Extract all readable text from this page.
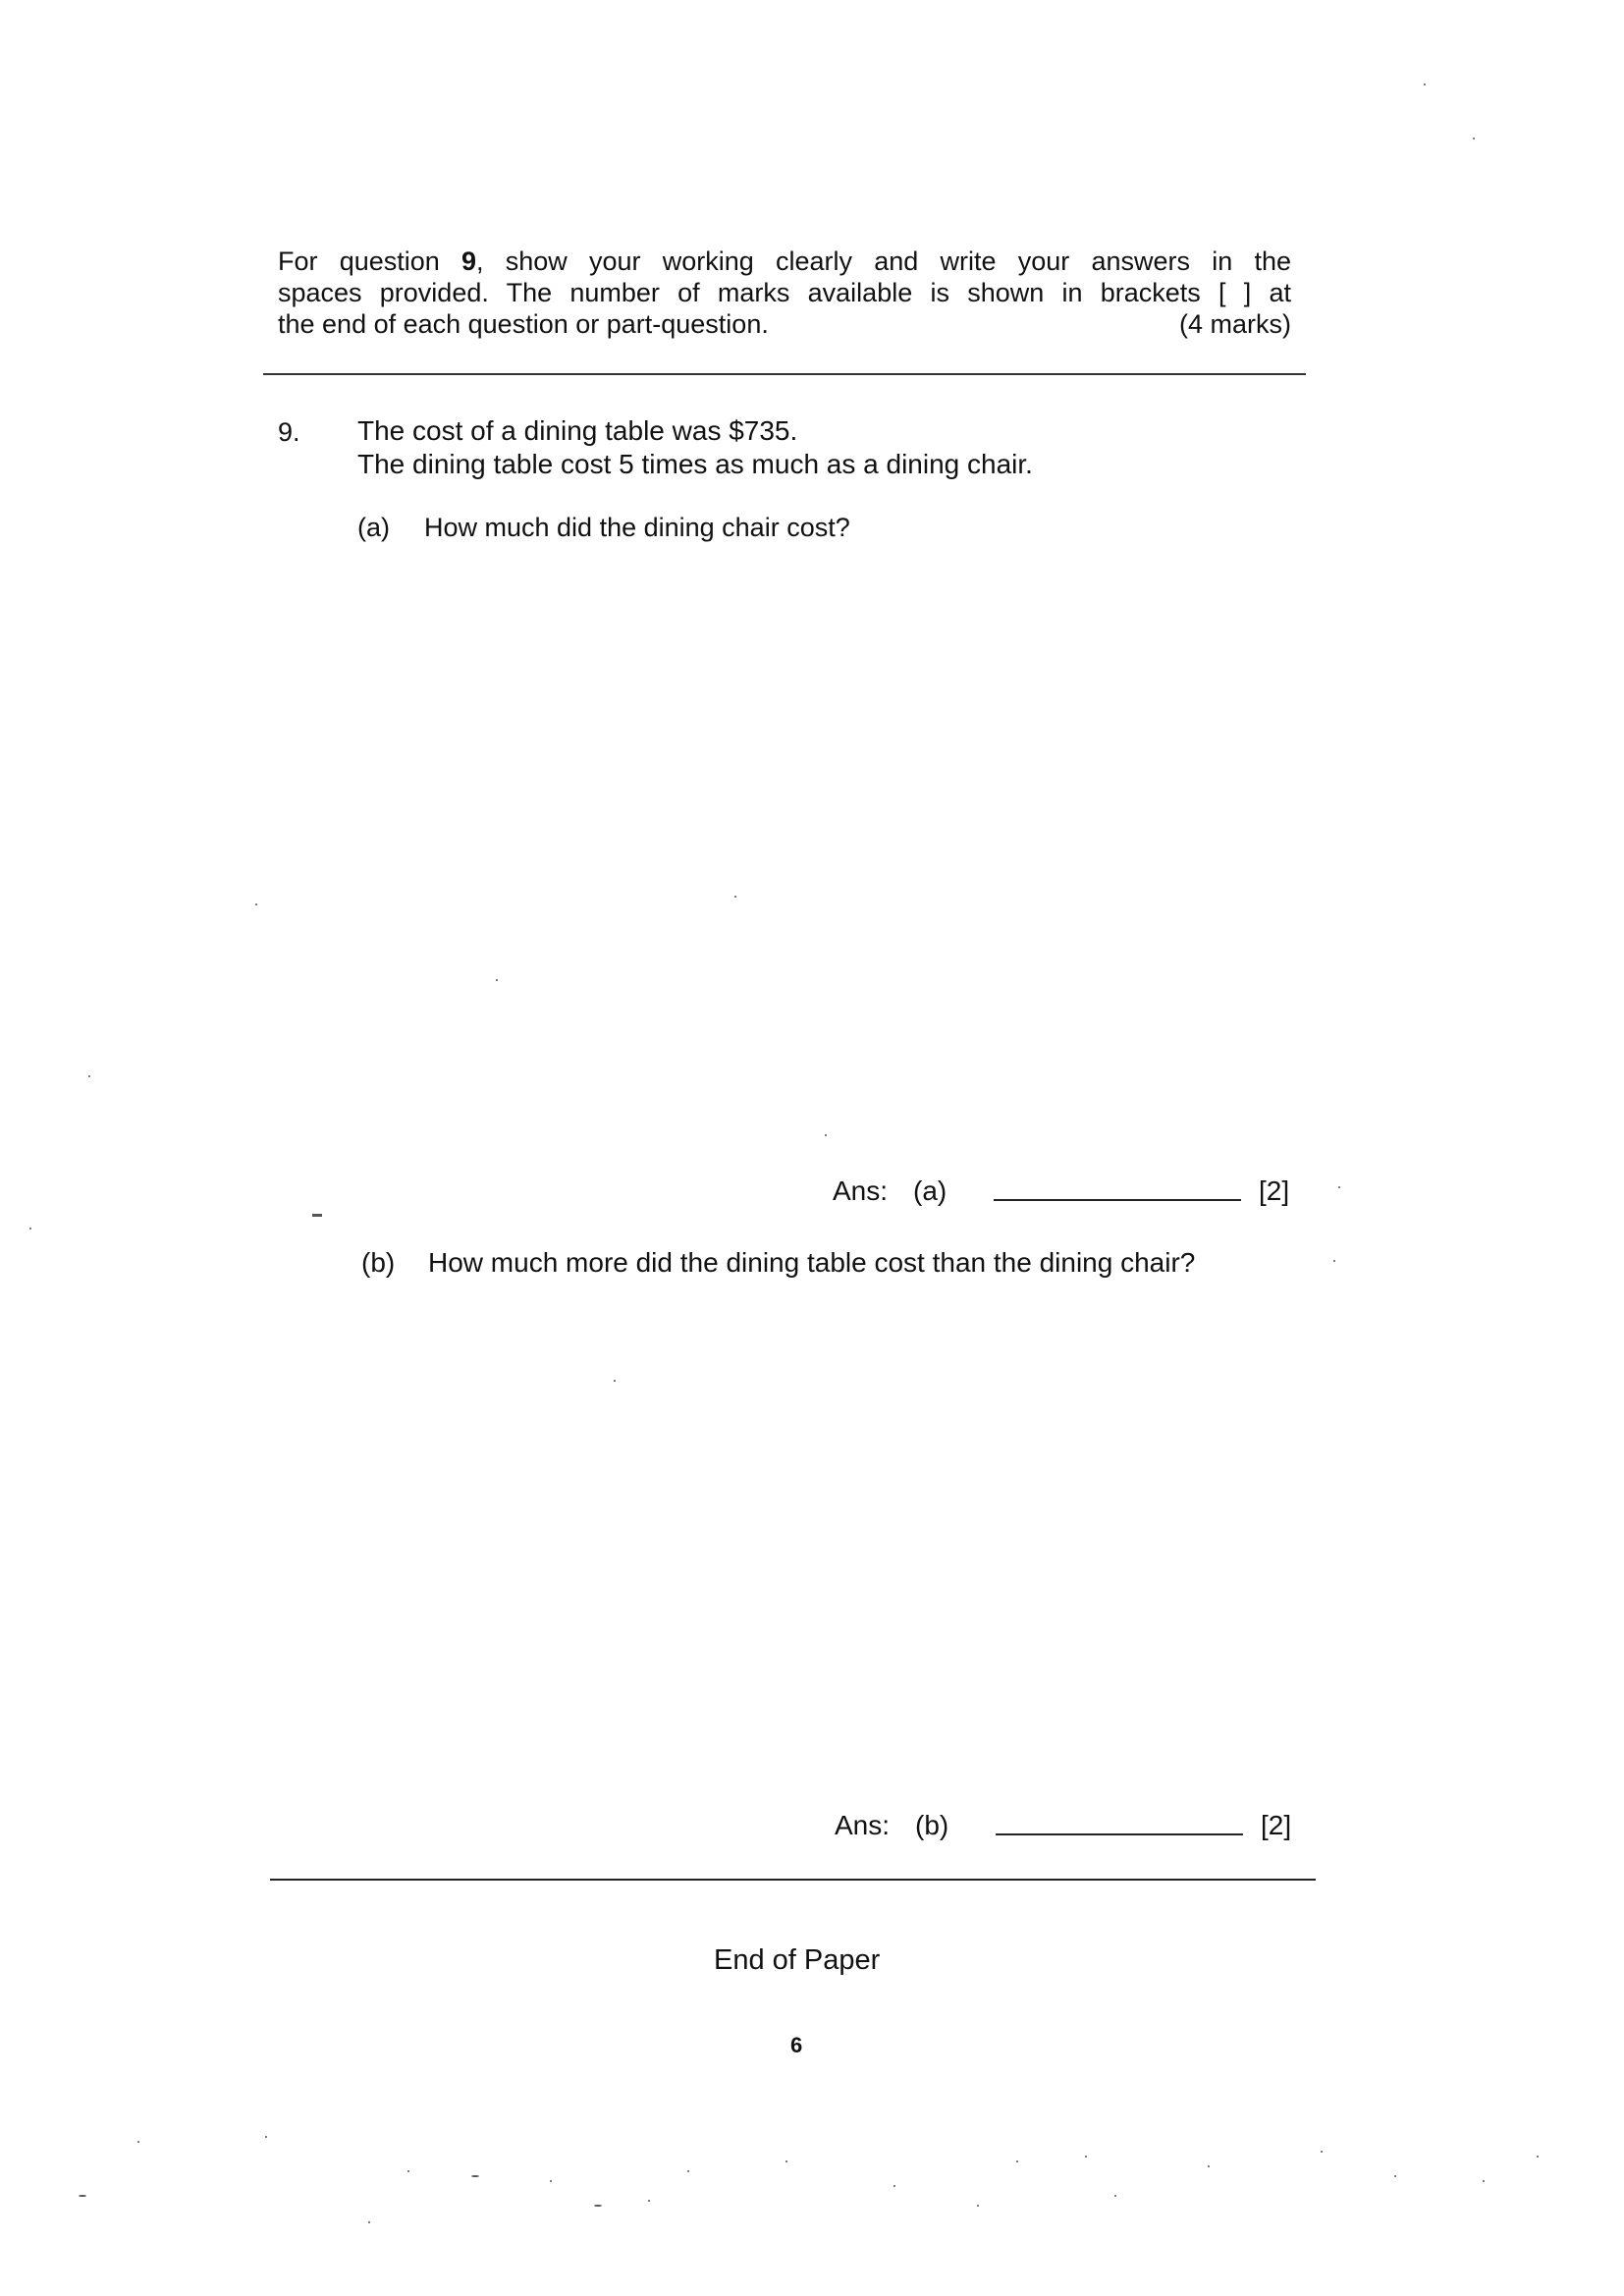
For question 9, show your working clearly and write your answers in the
spaces provided. The number of marks available is shown in brackets [ ] at
the end of each question or part-question.	(4 marks)
9. The cost of a dining table was $735.
The dining table cost 5 times as much as a dining chair.
(a) How much did the dining chair cost?
Ans: (a)	[2]
(b) How much more did the dining table cost than the dining chair?
Ans: (b)	[2]
End of Paper
6
